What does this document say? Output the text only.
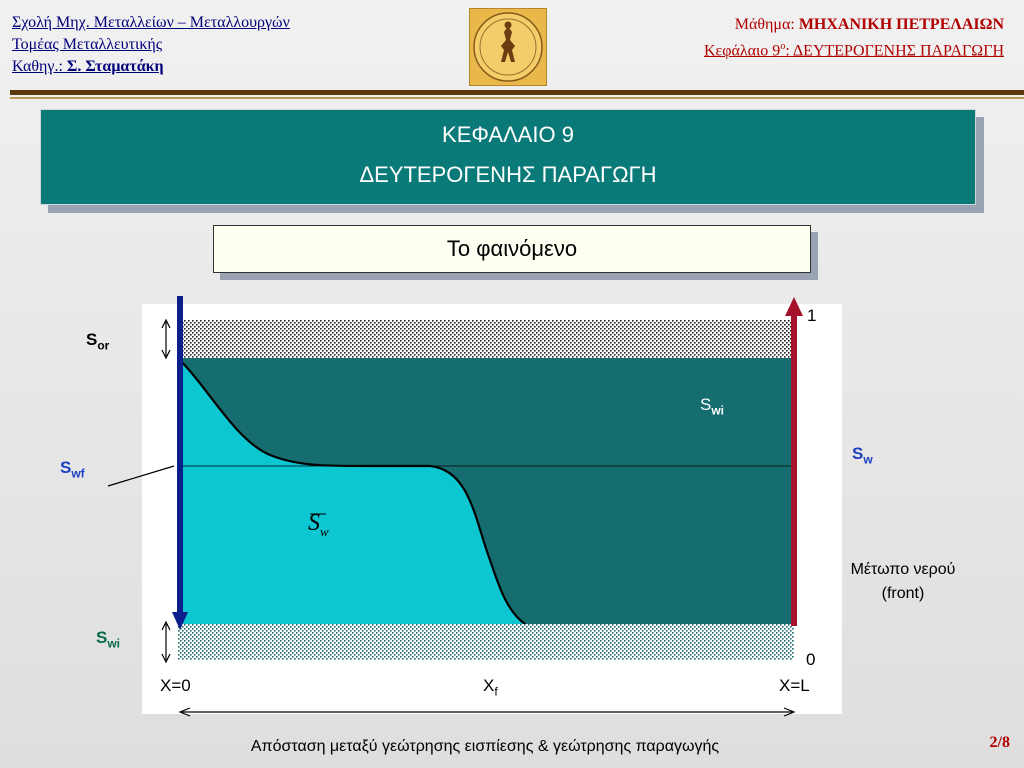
Σχολή Μηχ. Μεταλλείων – Μεταλλουργών
Τομέας Μεταλλευτικής
Καθηγ.: Σ. Σταματάκη
Μάθημα: ΜΗΧΑΝΙΚΗ ΠΕΤΡΕΛΑΙΩΝ
Κεφάλαιο $9^o$: ΔΕΥΤΕΡΟΓΕΝΗΣ ΠΑΡΑΓΩΓΗ
ΚΕΦΑΛΑΙΟ 9
ΔΕΥΤΕΡΟΓΕΝΗΣ ΠΑΡΑΓΩΓΗ
Το φαινόμενο
$S_{or}$
$S_{wf}$
$S_{wi}$
$S_{wi}$
$S_w$
$S_w$
1
0
X=0	$X_f$	X=L
Μέτωπο νερού
(front)
Απόσταση μεταξύ γεώτρησης εισπίεσης & γεώτρησης παραγωγής	2/8
